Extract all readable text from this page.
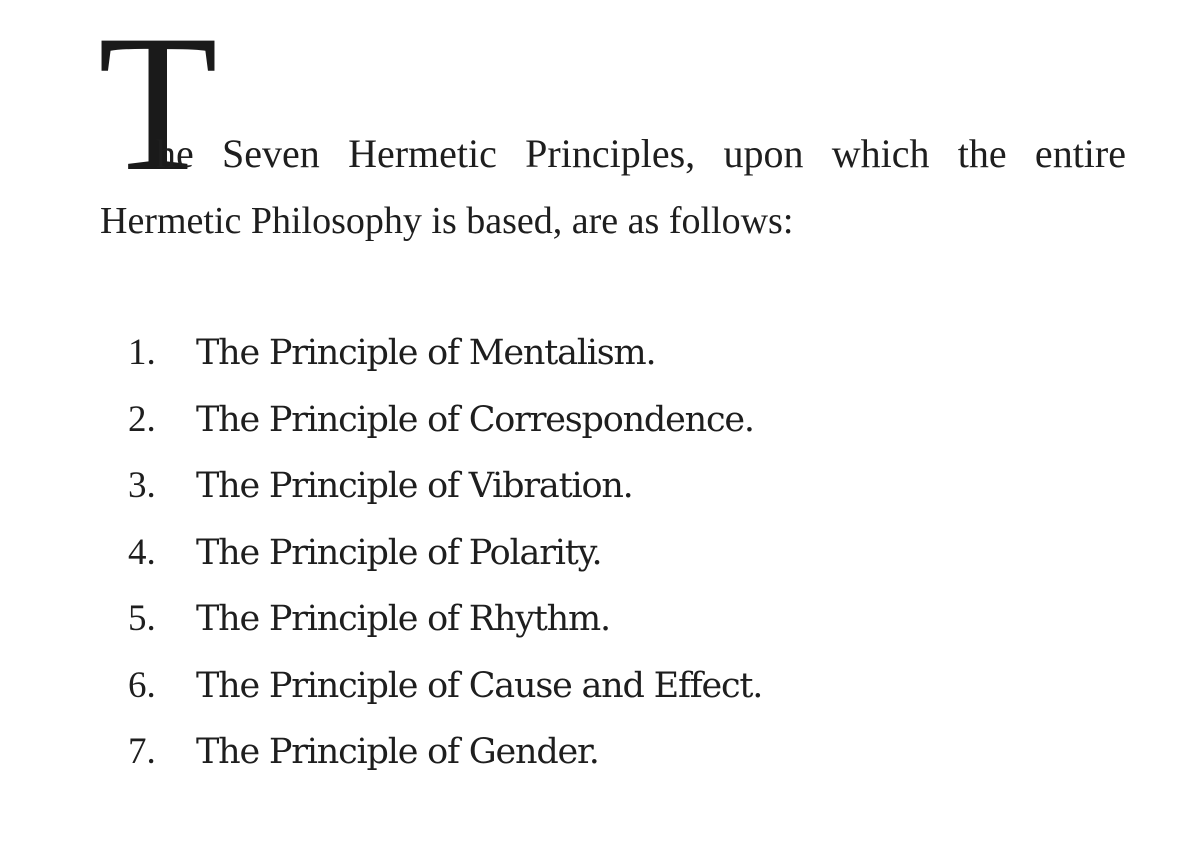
T
he Seven Hermetic Principles, upon which the entire
Hermetic Philosophy is based, are as follows:
1.	The Principle of Mentalism.
2.	The Principle of Correspondence.
3.	The Principle of Vibration.
4.	The Principle of Polarity.
5.	The Principle of Rhythm.
6.	The Principle of Cause and Effect.
7.	The Principle of Gender.
